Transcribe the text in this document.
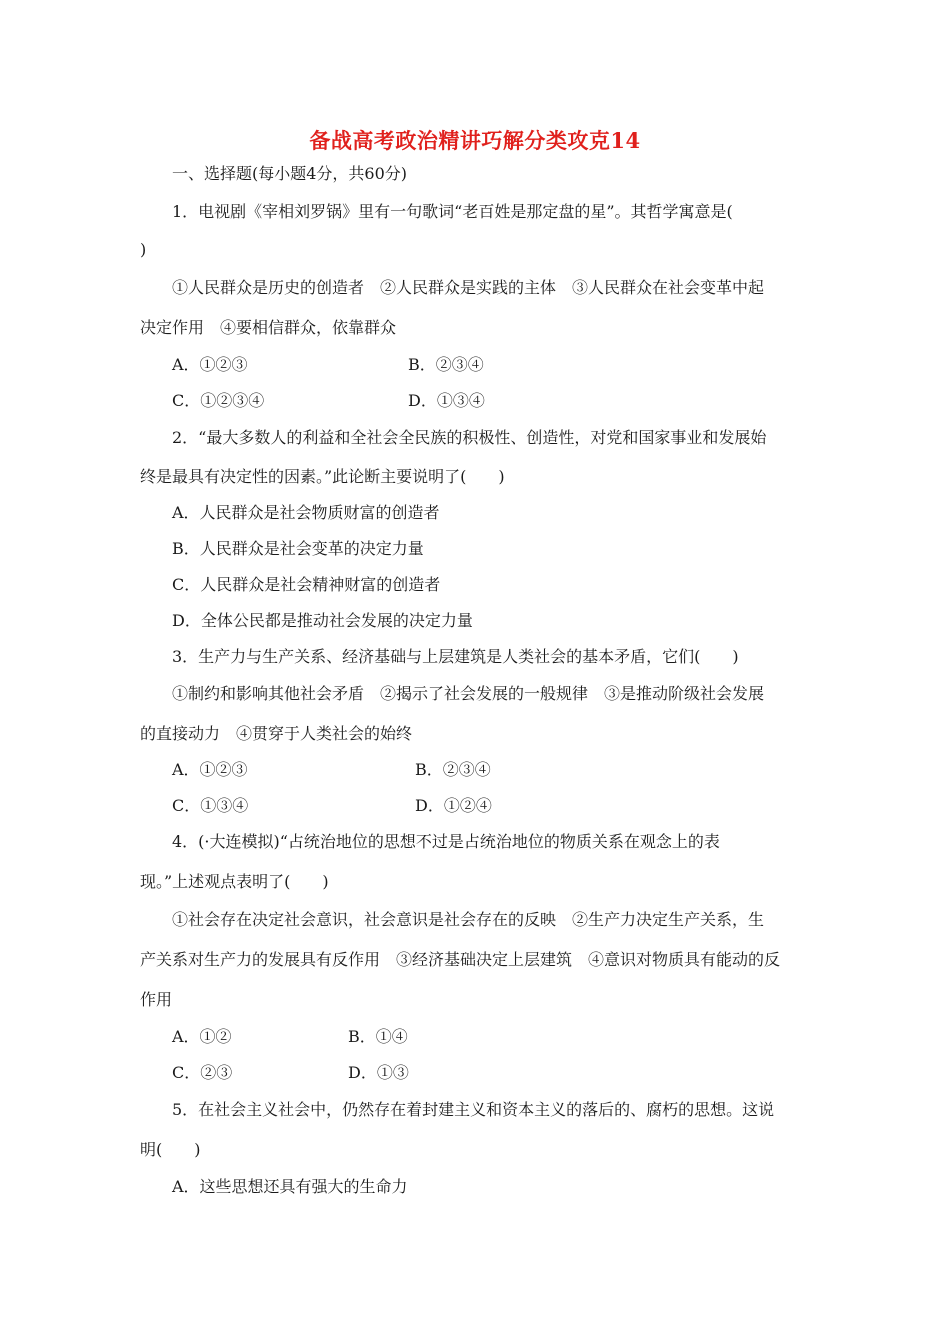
备战高考政治精讲巧解分类攻克14
一、选择题(每小题4分，共60分)
1．电视剧《宰相刘罗锅》里有一句歌词“老百姓是那定盘的星”。其哲学寓意是(
)
①人民群众是历史的创造者　②人民群众是实践的主体　③人民群众在社会变革中起
决定作用　④要相信群众，依靠群众
A．①②③	B．②③④
C．①②③④	D．①③④
2．“最大多数人的利益和全社会全民族的积极性、创造性，对党和国家事业和发展始
终是最具有决定性的因素。”此论断主要说明了(　　)
A．人民群众是社会物质财富的创造者
B．人民群众是社会变革的决定力量
C．人民群众是社会精神财富的创造者
D．全体公民都是推动社会发展的决定力量
3．生产力与生产关系、经济基础与上层建筑是人类社会的基本矛盾，它们(　　)
①制约和影响其他社会矛盾　②揭示了社会发展的一般规律　③是推动阶级社会发展
的直接动力　④贯穿于人类社会的始终
A．①②③	B．②③④
C．①③④	D．①②④
4．(·大连模拟)“占统治地位的思想不过是占统治地位的物质关系在观念上的表
现。”上述观点表明了(　　)
①社会存在决定社会意识，社会意识是社会存在的反映　②生产力决定生产关系，生
产关系对生产力的发展具有反作用　③经济基础决定上层建筑　④意识对物质具有能动的反
作用
A．①②	B．①④
C．②③	D．①③
5．在社会主义社会中，仍然存在着封建主义和资本主义的落后的、腐朽的思想。这说
明(　　)
A．这些思想还具有强大的生命力
